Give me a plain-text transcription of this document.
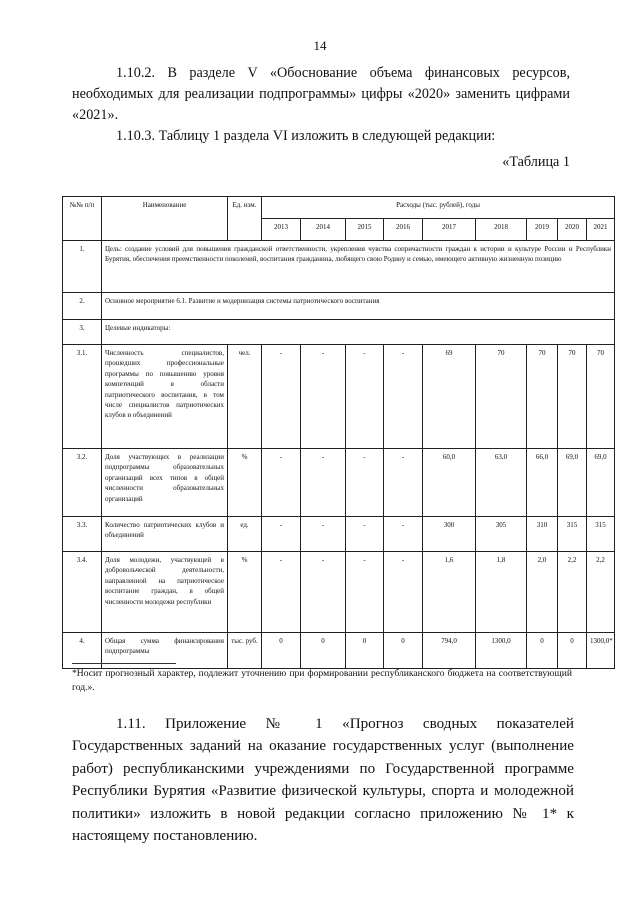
14

1.10.2. В разделе V «Обоснование объема финансовых ресурсов, необходимых для реализации подпрограммы» цифры «2020» заменить цифрами «2021».

1.10.3. Таблицу 1 раздела VI изложить в следующей редакции:

«Таблица 1
№№ п/п	Наименование	Ед. изм.	Расходы (тыс. рублей), годы								
			2013	2014	2015	2016	2017	2018	2019	2020	2021
1.	Цель: создание условий для повышения гражданской ответственности, укрепления чувства сопричастности граждан к истории и культуре России и Республики Бурятия, обеспечения преемственности поколений, воспитания гражданина, любящего свою Родину и семью, имеющего активную жизненную позицию										
2.	Основное мероприятие 6.1. Развитие и модернизация системы патриотического воспитания										
3.	Целевые индикаторы:										
3.1.	Численность специалистов, прошедших профессиональные программы по повышению уровня компетенций в области патриотического воспитания, в том числе специалистов патриотических клубов и объединений	чел.	-	-	-	-	69	70	70	70	70
3.2.	Доля участвующих в реализации подпрограммы образовательных организаций всех типов в общей численности образовательных организаций	%	-	-	-	-	60,0	63,0	66,0	69,0	69,0
3.3.	Количество патриотических клубов и объединений	ед.	-	-	-	-	300	305	310	315	315
3.4.	Доля молодежи, участвующей в добровольческой деятельности, направленной на патриотическое воспитание граждан, в общей численности молодежи республики	%	-	-	-	-	1,6	1,8	2,0	2,2	2,2
4.	Общая сумма финансирования подпрограммы	тыс. руб.	0	0	0	0	794,0	1300,0	0	0	1300,0*

*Носит прогнозный характер, подлежит уточнению при формировании республиканского бюджета на соответствующий год.».

1.11. Приложение № 1 «Прогноз сводных показателей Государственных заданий на оказание государственных услуг (выполнение работ) республиканскими учреждениями по Государственной программе Республики Бурятия «Развитие физической культуры, спорта и молодежной политики» изложить в новой редакции согласно приложению № 1* к настоящему постановлению.
